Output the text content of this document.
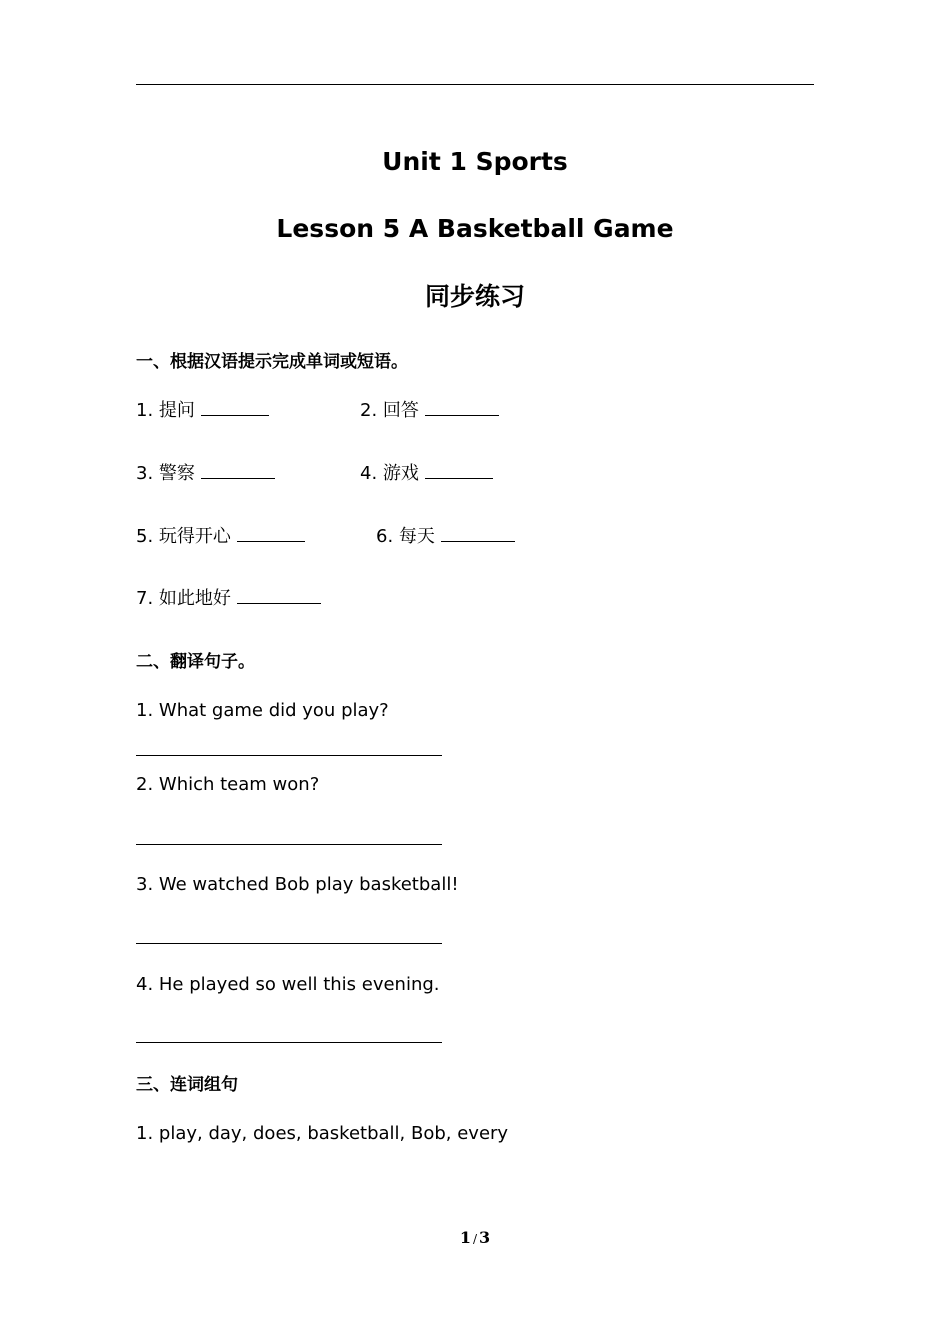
Unit 1 Sports
Lesson 5 A Basketball Game
同步练习
一、根据汉语提示完成单词或短语。
1. 提问	2. 回答
3. 警察	4. 游戏
5. 玩得开心	6. 每天
7. 如此地好
二、翻译句子。
1. What game did you play?
2. Which team won?
3. We watched Bob play basketball!
4. He played so well this evening.
三、连词组句
1. play, day, does, basketball, Bob, every
1 / 3
